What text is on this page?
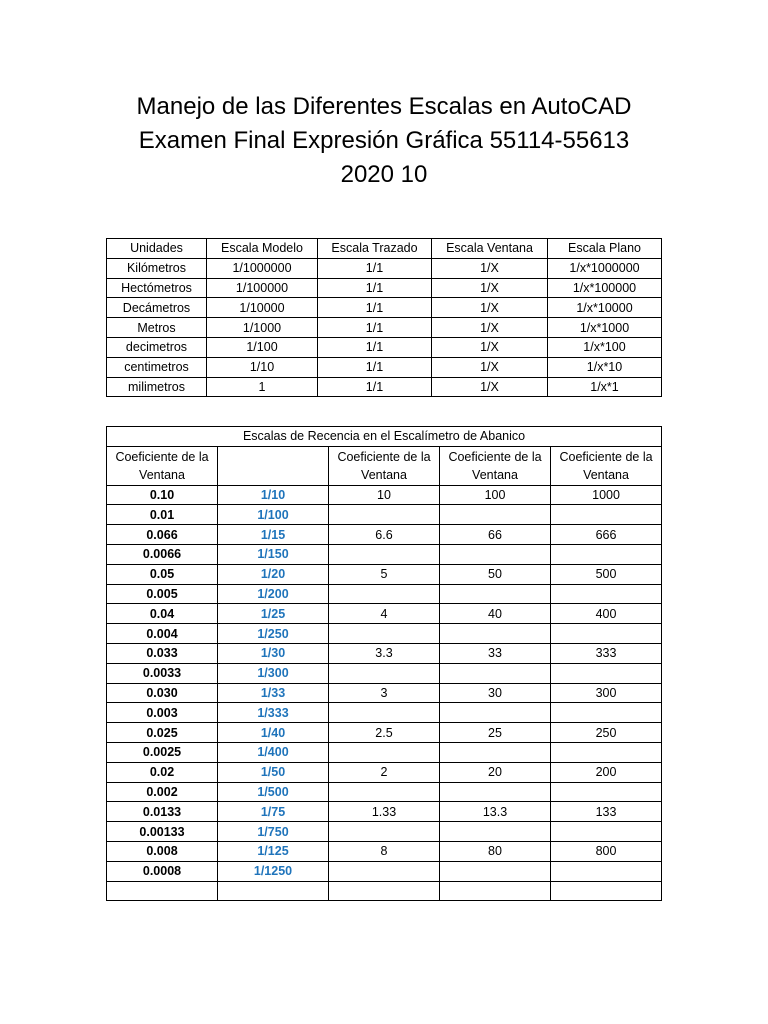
Manejo de las Diferentes Escalas en AutoCAD
Examen Final Expresión Gráfica 55114-55613
2020 10
Unidades	Escala Modelo	Escala Trazado	Escala Ventana	Escala Plano
Kilómetros	1/1000000	1/1	1/X	1/x*1000000
Hectómetros	1/100000	1/1	1/X	1/x*100000
Decámetros	1/10000	1/1	1/X	1/x*10000
Metros	1/1000	1/1	1/X	1/x*1000
decimetros	1/100	1/1	1/X	1/x*100
centimetros	1/10	1/1	1/X	1/x*10
milimetros	1	1/1	1/X	1/x*1
Escalas de Recencia en el Escalímetro de Abanico				
Coeficiente de la Ventana		Coeficiente de la Ventana	Coeficiente de la Ventana	Coeficiente de la Ventana
0.10	1/10	10	100	1000
0.01	1/100			
0.066	1/15	6.6	66	666
0.0066	1/150			
0.05	1/20	5	50	500
0.005	1/200			
0.04	1/25	4	40	400
0.004	1/250			
0.033	1/30	3.3	33	333
0.0033	1/300			
0.030	1/33	3	30	300
0.003	1/333			
0.025	1/40	2.5	25	250
0.0025	1/400			
0.02	1/50	2	20	200
0.002	1/500			
0.0133	1/75	1.33	13.3	133
0.00133	1/750			
0.008	1/125	8	80	800
0.0008	1/1250			
